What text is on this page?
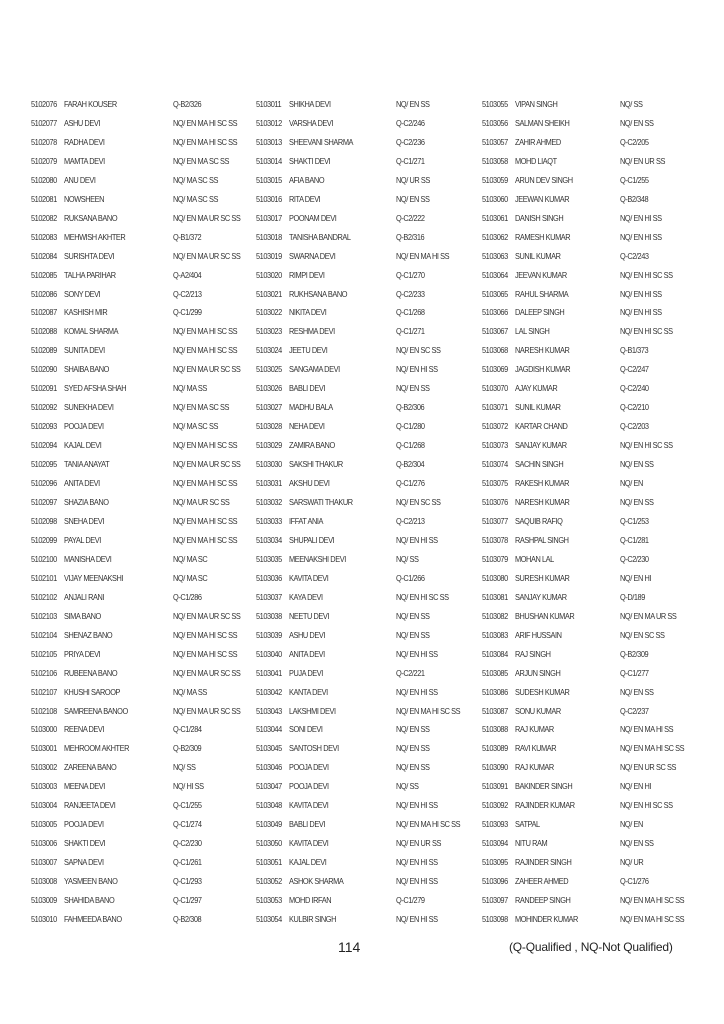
5102076 FARAH KOUSER	Q-B2/326
5102077 ASHU DEVI	NQ/ EN MA HI SC SS
5102078 RADHA DEVI	NQ/ EN MA HI SC SS
5102079 MAMTA DEVI	NQ/ EN MA SC SS
5102080 ANU DEVI	NQ/ MA SC SS
5102081 NOWSHEEN	NQ/ MA SC SS
5102082 RUKSANA BANO	NQ/ EN MA UR SC SS
5102083 MEHWISH AKHTER	Q-B1/372
5102084 SURISHTA DEVI	NQ/ EN MA UR SC SS
5102085 TALHA PARIHAR	Q-A2/404
5102086 SONY DEVI	Q-C2/213
5102087 KASHISH MIR	Q-C1/299
5102088 KOMAL SHARMA	NQ/ EN MA HI SC SS
5102089 SUNITA DEVI	NQ/ EN MA HI SC SS
5102090 SHAIBA BANO	NQ/ EN MA UR SC SS
5102091 SYED AFSHA SHAH	NQ/ MA SS
5102092 SUNEKHA DEVI	NQ/ EN MA SC SS
5102093 POOJA DEVI	NQ/ MA SC SS
5102094 KAJAL DEVI	NQ/ EN MA HI SC SS
5102095 TANIA ANAYAT	NQ/ EN MA UR SC SS
5102096 ANITA DEVI	NQ/ EN MA HI SC SS
5102097 SHAZIA BANO	NQ/ MA UR SC SS
5102098 SNEHA DEVI	NQ/ EN MA HI SC SS
5102099 PAYAL DEVI	NQ/ EN MA HI SC SS
5102100 MANISHA DEVI	NQ/ MA SC
5102101 VIJAY MEENAKSHI	NQ/ MA SC
5102102 ANJALI RANI	Q-C1/286
5102103 SIMA BANO	NQ/ EN MA UR SC SS
5102104 SHENAZ BANO	NQ/ EN MA HI SC SS
5102105 PRIYA DEVI	NQ/ EN MA HI SC SS
5102106 RUBEENA BANO	NQ/ EN MA UR SC SS
5102107 KHUSHI SAROOP	NQ/ MA SS
5102108 SAMREENA BANOO	NQ/ EN MA UR SC SS
5103000 REENA DEVI	Q-C1/284
5103001 MEHROOM AKHTER	Q-B2/309
5103002 ZAREENA BANO	NQ/ SS
5103003 MEENA DEVI	NQ/ HI SS
5103004 RANJEETA DEVI	Q-C1/255
5103005 POOJA DEVI	Q-C1/274
5103006 SHAKTI DEVI	Q-C2/230
5103007 SAPNA DEVI	Q-C1/261
5103008 YASMEEN BANO	Q-C1/293
5103009 SHAHIDA BANO	Q-C1/297
5103010 FAHMEEDA BANO	Q-B2/308
5103011 SHIKHA DEVI	NQ/ EN SS
5103012 VARSHA DEVI	Q-C2/246
5103013 SHEEVANI SHARMA	Q-C2/236
5103014 SHAKTI DEVI	Q-C1/271
5103015 AFIA BANO	NQ/ UR SS
5103016 RITA DEVI	NQ/ EN SS
5103017 POONAM DEVI	Q-C2/222
5103018 TANISHA BANDRAL	Q-B2/316
5103019 SWARNA DEVI	NQ/ EN MA HI SS
5103020 RIMPI DEVI	Q-C1/270
5103021 RUKHSANA BANO	Q-C2/233
5103022 NIKITA DEVI	Q-C1/268
5103023 RESHMA DEVI	Q-C1/271
5103024 JEETU DEVI	NQ/ EN SC SS
5103025 SANGAMA DEVI	NQ/ EN HI SS
5103026 BABLI DEVI	NQ/ EN SS
5103027 MADHU BALA	Q-B2/306
5103028 NEHA DEVI	Q-C1/280
5103029 ZAMIRA BANO	Q-C1/268
5103030 SAKSHI THAKUR	Q-B2/304
5103031 AKSHU DEVI	Q-C1/276
5103032 SARSWATI THAKUR	NQ/ EN SC SS
5103033 IFFAT ANIA	Q-C2/213
5103034 SHUPALI DEVI	NQ/ EN HI SS
5103035 MEENAKSHI DEVI	NQ/ SS
5103036 KAVITA DEVI	Q-C1/266
5103037 KAYA DEVI	NQ/ EN HI SC SS
5103038 NEETU DEVI	NQ/ EN SS
5103039 ASHU DEVI	NQ/ EN SS
5103040 ANITA DEVI	NQ/ EN HI SS
5103041 PUJA DEVI	Q-C2/221
5103042 KANTA DEVI	NQ/ EN HI SS
5103043 LAKSHMI DEVI	NQ/ EN MA HI SC SS
5103044 SONI DEVI	NQ/ EN SS
5103045 SANTOSH DEVI	NQ/ EN SS
5103046 POOJA DEVI	NQ/ EN SS
5103047 POOJA DEVI	NQ/ SS
5103048 KAVITA DEVI	NQ/ EN HI SS
5103049 BABLI DEVI	NQ/ EN MA HI SC SS
5103050 KAVITA DEVI	NQ/ EN UR SS
5103051 KAJAL DEVI	NQ/ EN HI SS
5103052 ASHOK SHARMA	NQ/ EN HI SS
5103053 MOHD IRFAN	Q-C1/279
5103054 KULBIR SINGH	NQ/ EN HI SS
5103055 VIPAN SINGH	NQ/ SS
5103056 SALMAN SHEIKH	NQ/ EN SS
5103057 ZAHIR AHMED	Q-C2/205
5103058 MOHD LIAQT	NQ/ EN UR SS
5103059 ARUN DEV SINGH	Q-C1/255
5103060 JEEWAN KUMAR	Q-B2/348
5103061 DANISH SINGH	NQ/ EN HI SS
5103062 RAMESH KUMAR	NQ/ EN HI SS
5103063 SUNIL KUMAR	Q-C2/243
5103064 JEEVAN KUMAR	NQ/ EN HI SC SS
5103065 RAHUL SHARMA	NQ/ EN HI SS
5103066 DALEEP SINGH	NQ/ EN HI SS
5103067 LAL SINGH	NQ/ EN HI SC SS
5103068 NARESH KUMAR	Q-B1/373
5103069 JAGDISH KUMAR	Q-C2/247
5103070 AJAY KUMAR	Q-C2/240
5103071 SUNIL KUMAR	Q-C2/210
5103072 KARTAR CHAND	Q-C2/203
5103073 SANJAY KUMAR	NQ/ EN HI SC SS
5103074 SACHIN SINGH	NQ/ EN SS
5103075 RAKESH KUMAR	NQ/ EN
5103076 NARESH KUMAR	NQ/ EN SS
5103077 SAQUIB RAFIQ	Q-C1/253
5103078 RASHPAL SINGH	Q-C1/281
5103079 MOHAN LAL	Q-C2/230
5103080 SURESH KUMAR	NQ/ EN HI
5103081 SANJAY KUMAR	Q-D/189
5103082 BHUSHAN KUMAR	NQ/ EN MA UR SS
5103083 ARIF HUSSAIN	NQ/ EN SC SS
5103084 RAJ SINGH	Q-B2/309
5103085 ARJUN SINGH	Q-C1/277
5103086 SUDESH KUMAR	NQ/ EN SS
5103087 SONU KUMAR	Q-C2/237
5103088 RAJ KUMAR	NQ/ EN MA HI SS
5103089 RAVI KUMAR	NQ/ EN MA HI SC SS
5103090 RAJ KUMAR	NQ/ EN UR SC SS
5103091 BAKINDER SINGH	NQ/ EN HI
5103092 RAJINDER KUMAR	NQ/ EN HI SC SS
5103093 SATPAL	NQ/ EN
5103094 NITU RAM	NQ/ EN SS
5103095 RAJINDER SINGH	NQ/ UR
5103096 ZAHEER AHMED	Q-C1/276
5103097 RANDEEP SINGH	NQ/ EN MA HI SC SS
5103098 MOHINDER KUMAR	NQ/ EN MA HI SC SS
114	(Q-Qualified , NQ-Not Qualified)
